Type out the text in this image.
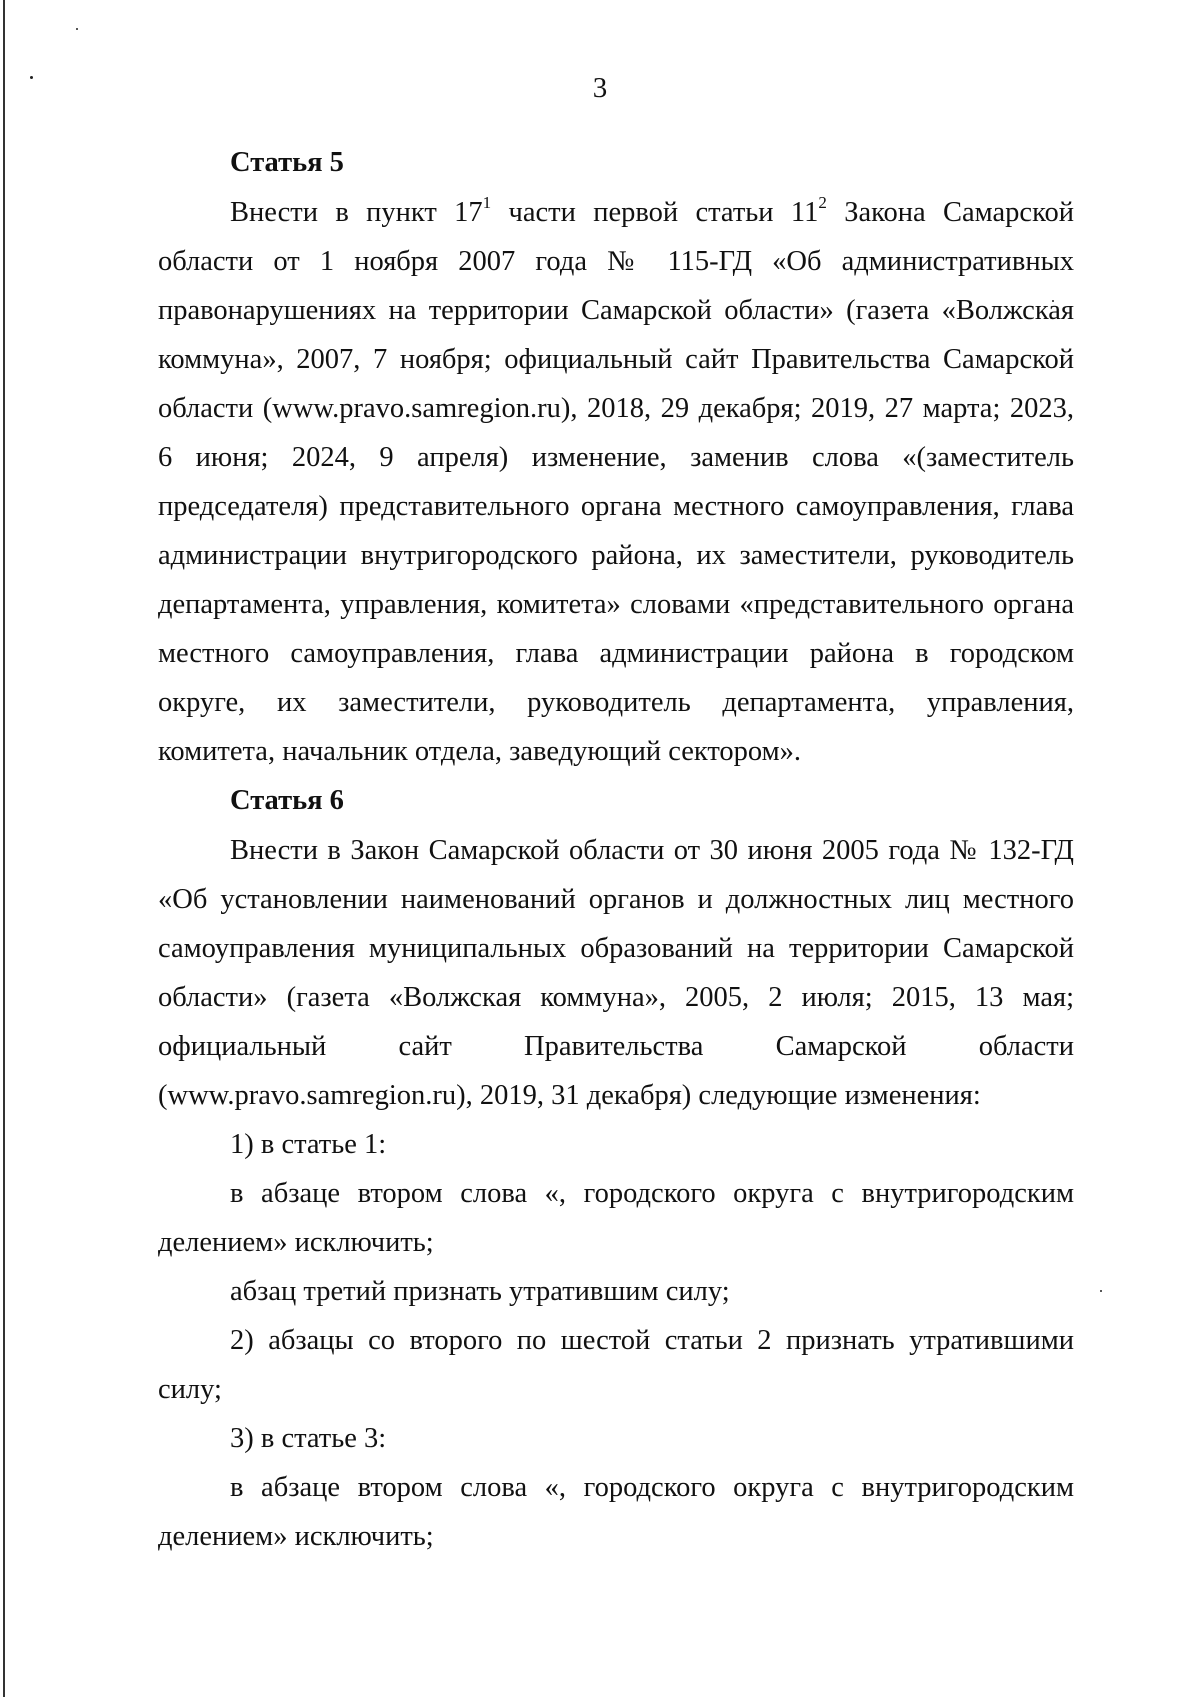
3
Статья 5

Внести в пункт $17^1$ части первой статьи $11^2$ Закона Самарской области от 1 ноября 2007 года № 115-ГД «Об административных правонарушениях на территории Самарской области» (газета «Волжская коммуна», 2007, 7 ноября; официальный сайт Правительства Самарской области (www.pravo.samregion.ru), 2018, 29 декабря; 2019, 27 марта; 2023, 6 июня; 2024, 9 апреля) изменение, заменив слова «(заместитель председателя) представительного органа местного самоуправления, глава администрации внутригородского района, их заместители, руководитель департамента, управления, комитета» словами «представительного органа местного самоуправления, глава администрации района в городском округе, их заместители, руководитель департамента, управления, комитета, начальник отдела, заведующий сектором».

Статья 6

Внести в Закон Самарской области от 30 июня 2005 года № 132-ГД «Об установлении наименований органов и должностных лиц местного самоуправления муниципальных образований на территории Самарской области» (газета «Волжская коммуна», 2005, 2 июля; 2015, 13 мая; официальный сайт Правительства Самарской области (www.pravo.samregion.ru), 2019, 31 декабря) следующие изменения:

1) в статье 1:

в абзаце втором слова «, городского округа с внутригородским делением» исключить;

абзац третий признать утратившим силу;

2) абзацы со второго по шестой статьи 2 признать утратившими силу;

3) в статье 3:

в абзаце втором слова «, городского округа с внутригородским делением» исключить;
